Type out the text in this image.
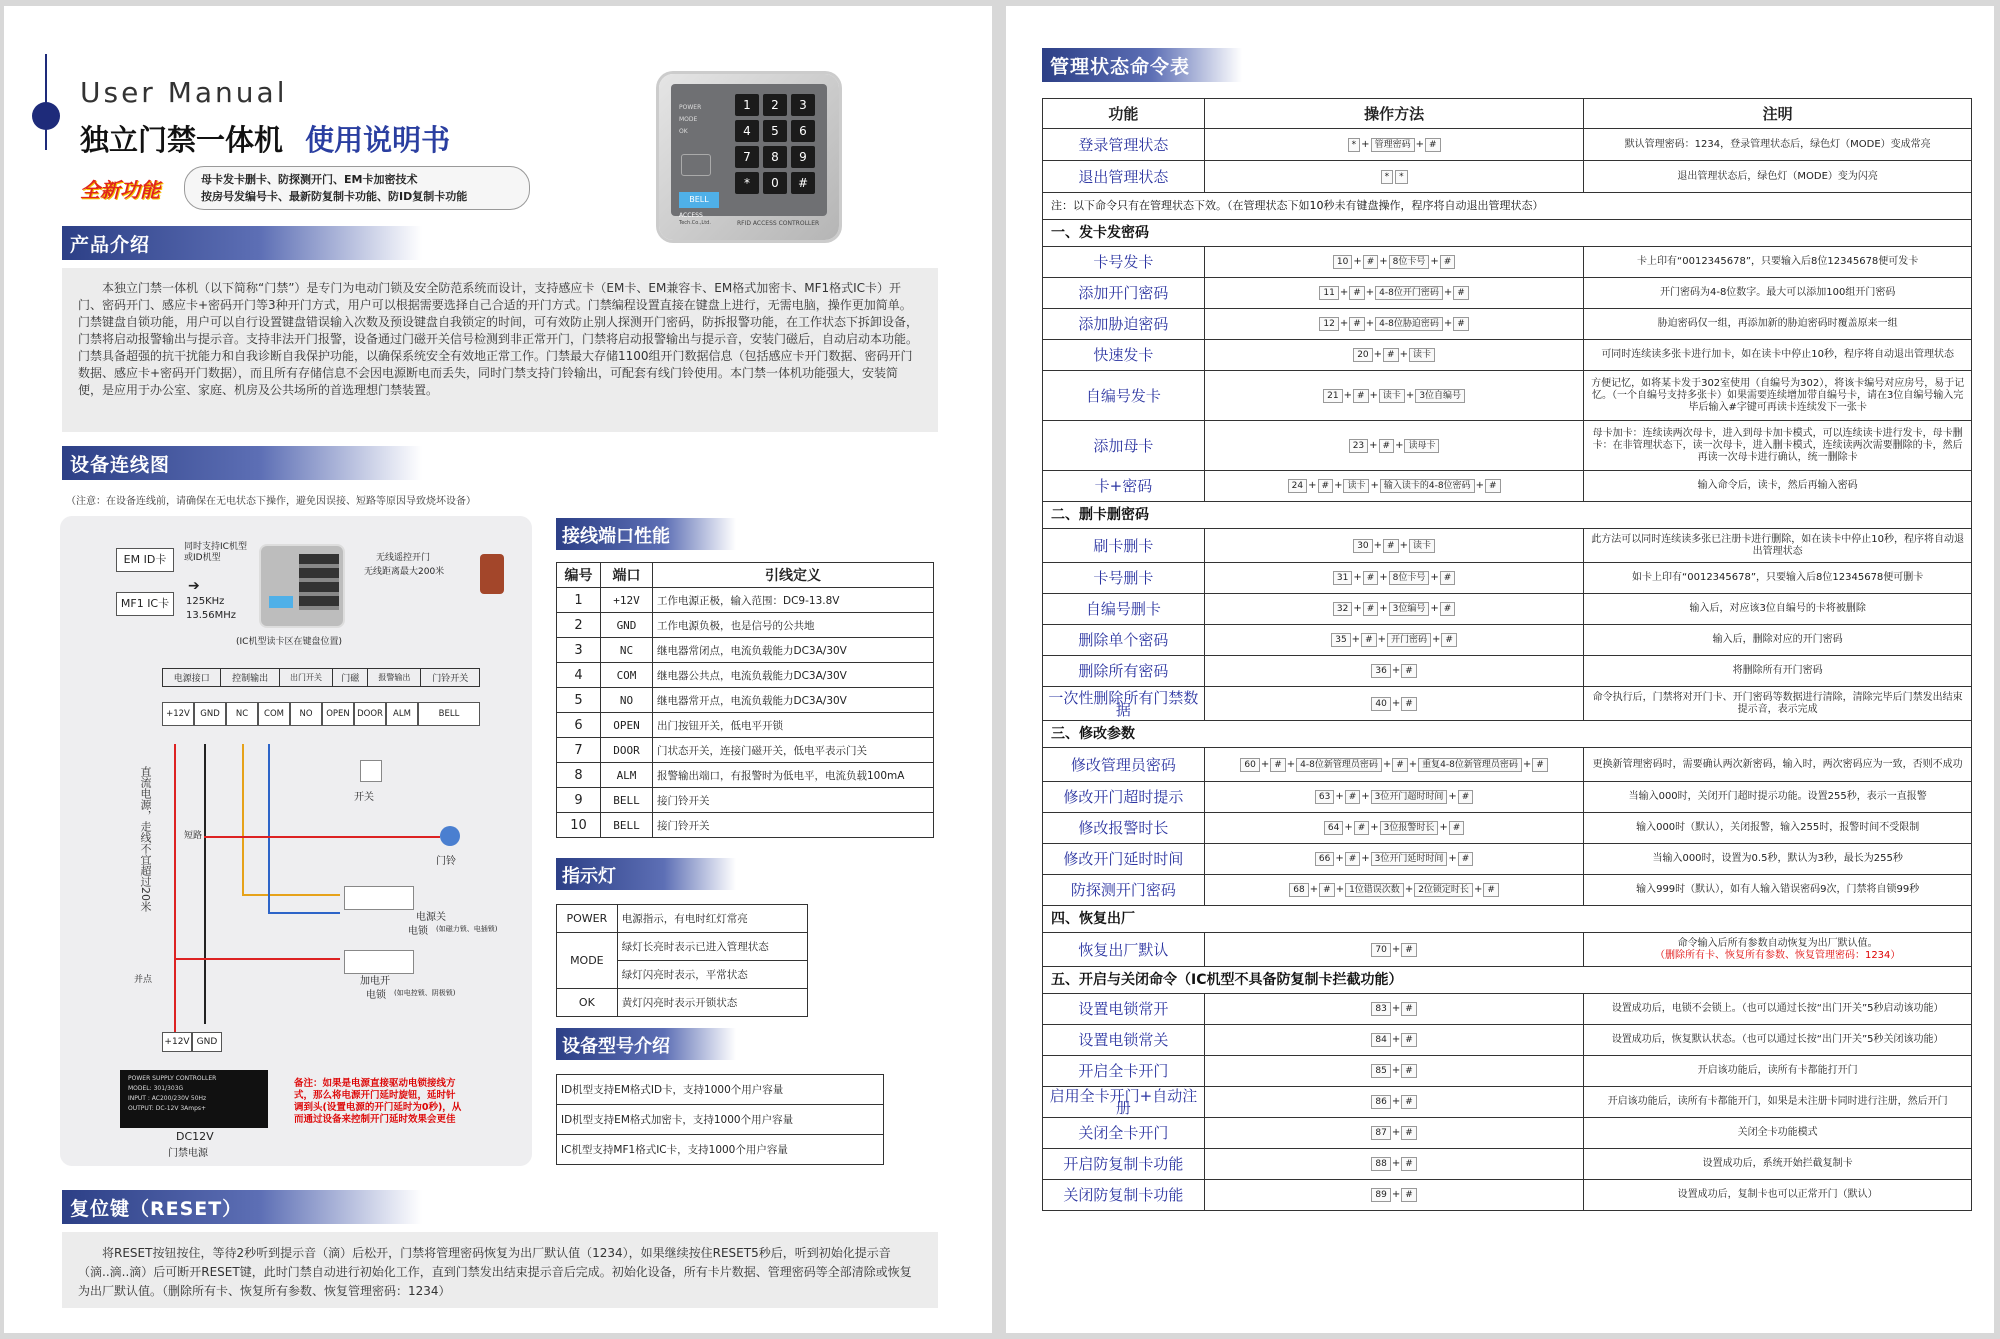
User Manual
独立门禁一体机 使用说明书
全新功能	母卡发卡删卡、防探测开门、EM卡加密技术
按房号发编号卡、最新防复制卡功能、防ID复制卡功能
POWER
MODE
OK
BELL
1	2	3
4	5	6
7	8	9
*	0	#
ACCESS
Tech.Co.,Ltd.	RFID ACCESS CONTROLLER
产品介绍
本独立门禁一体机（以下简称“门禁”）是专门为电动门锁及安全防范系统而设计，支持感应卡（EM卡、EM兼容卡、EM格式加密卡、MF1格式IC卡）开门、密码开门、感应卡+密码开门等3种开门方式，用户可以根据需要选择自己合适的开门方式。门禁编程设置直接在键盘上进行，无需电脑，操作更加简单。门禁键盘自锁功能，用户可以自行设置键盘错误输入次数及预设键盘自我锁定的时间，可有效防止别人探测开门密码，防拆报警功能，在工作状态下拆卸设备，门禁将启动报警输出与提示音。支持非法开门报警，设备通过门磁开关信号检测到非正常开门，门禁将启动报警输出与提示音，安装门磁后，自动启动本功能。门禁具备超强的抗干扰能力和自我诊断自我保护功能，以确保系统安全有效地正常工作。门禁最大存储1100组开门数据信息（包括感应卡开门数据、密码开门数据、感应卡+密码开门数据），而且所有存储信息不会因电源断电而丢失，同时门禁支持门铃输出，可配套有线门铃使用。本门禁一体机功能强大，安装简便，是应用于办公室、家庭、机房及公共场所的首选理想门禁装置。
设备连线图
（注意：在设备连线前，请确保在无电状态下操作，避免因误接、短路等原因导致烧坏设备）
EM ID卡
MF1 IC卡
同时支持IC机型或ID机型
➔
125KHz
13.56MHz
(IC机型读卡区在键盘位置)
无线遥控开门
无线距离最大200米
电源接口	控制输出	出门开关	门磁	报警输出	门铃开关
+12V	GND	NC	COM	NO	OPEN DOOR	ALM	BELL
直流电源，走线不宜超过20米	短路
开关
门铃
电源关
电锁 (如磁力锁、电插锁)
加电开
电锁 (如电控锁、阴极锁)
并点
+12V GND
POWER SUPPLY CONTROLLER
MODEL: 301/303G
INPUT : AC200/230V 50Hz
OUTPUT: DC-12V 3Amps+
DC12V
门禁电源
备注：如果是电源直接驱动电锁接线方式，那么将电源开门延时旋钮，延时针调到头(设置电源的开门延时为0秒)，从而通过设备来控制开门延时效果会更佳
接线端口性能
编号	端口	引线定义
1	+12V	工作电源正极，输入范围：DC9-13.8V
2	GND	工作电源负极，也是信号的公共地
3	NC	继电器常闭点，电流负载能力DC3A/30V
4	COM	继电器公共点，电流负载能力DC3A/30V
5	NO	继电器常开点，电流负载能力DC3A/30V
6	OPEN	出门按钮开关，低电平开锁
7	DOOR	门状态开关，连接门磁开关，低电平表示门关
8	ALM	报警输出端口，有报警时为低电平，电流负载100mA
9	BELL	接门铃开关
10	BELL	接门铃开关
指示灯
POWER	电源指示，有电时红灯常亮
MODE	绿灯长亮时表示已进入管理状态
	绿灯闪亮时表示，平常状态
OK	黄灯闪亮时表示开锁状态
设备型号介绍
ID机型支持EM格式ID卡，支持1000个用户容量
ID机型支持EM格式加密卡，支持1000个用户容量
IC机型支持MF1格式IC卡，支持1000个用户容量
复位键（RESET）
将RESET按钮按住，等待2秒听到提示音（滴）后松开，门禁将管理密码恢复为出厂默认值（1234），如果继续按住RESET5秒后，听到初始化提示音（滴..滴..滴）后可断开RESET键，此时门禁自动进行初始化工作，直到门禁发出结束提示音后完成。初始化设备，所有卡片数据、管理密码等全部清除或恢复为出厂默认值。（删除所有卡、恢复所有参数、恢复管理密码：1234）
管理状态命令表
功能	操作方法	注明
登录管理状态	* + 管理密码 + #	默认管理密码：1234，登录管理状态后，绿色灯（MODE）变成常亮

退出管理状态	* *	退出管理状态后，绿色灯（MODE）变为闪亮

注：以下命令只有在管理状态下效。（在管理状态下如10秒未有键盘操作，程序将自动退出管理状态）		
一、发卡发密码		
卡号发卡	10 + # + 8位卡号 + #	卡上印有“0012345678”，只要输入后8位12345678便可发卡

添加开门密码	11 + # + 4-8位开门密码 + #	开门密码为4-8位数字。最大可以添加100组开门密码

添加胁迫密码	12 + # + 4-8位胁迫密码 + #	胁迫密码仅一组，再添加新的胁迫密码时覆盖原来一组

快速发卡	20 + # + 读卡	可同时连续读多张卡进行加卡，如在读卡中停止10秒，程序将自动退出管理状态

自编号发卡	21 + # + 读卡 + 3位自编号	方便记忆，如将某卡发于302室使用（自编号为302），将该卡编号对应房号，易于记忆。（一个自编号支持多张卡）如果需要连续增加带自编号卡，请在3位自编号输入完毕后输入#字键可再读卡连续发下一张卡

添加母卡	23 + # + 读母卡	母卡加卡：连续读两次母卡，进入到母卡加卡模式，可以连续读卡进行发卡，母卡删卡：在非管理状态下，读一次母卡，进入删卡模式，连续读两次需要删除的卡，然后再读一次母卡进行确认，统一删除卡

卡+密码	24 + # + 读卡 + 输入读卡的4-8位密码 + #	输入命令后，读卡，然后再输入密码

二、删卡删密码		
刷卡删卡	30 + # + 读卡	此方法可以同时连续读多张已注册卡进行删除，如在读卡中停止10秒，程序将自动退出管理状态

卡号删卡	31 + # + 8位卡号 + #	如卡上印有“0012345678”，只要输入后8位12345678便可删卡

自编号删卡	32 + # + 3位编号 + #	输入后，对应该3位自编号的卡将被删除

删除单个密码	35 + # + 开门密码 + #	输入后，删除对应的开门密码

删除所有密码	36 + #	将删除所有开门密码

一次性删除所有门禁数据	40 + #	命令执行后，门禁将对开门卡、开门密码等数据进行清除，清除完毕后门禁发出结束提示音，表示完成

三、修改参数		
修改管理员密码	60 + # + 4-8位新管理员密码 + # + 重复4-8位新管理员密码 + #	更换新管理密码时，需要确认两次新密码，输入时，两次密码应为一致，否则不成功

修改开门超时提示	63 + # + 3位开门超时时间 + #	当输入000时，关闭开门超时提示功能。设置255秒，表示一直报警

修改报警时长	64 + # + 3位报警时长 + #	输入000时（默认），关闭报警，输入255时，报警时间不受限制

修改开门延时时间	66 + # + 3位开门延时时间 + #	当输入000时，设置为0.5秒，默认为3秒，最长为255秒

防探测开门密码	68 + # + 1位错误次数 + 2位锁定时长 + #	输入999时（默认），如有人输入错误密码9次，门禁将自锁99秒

四、恢复出厂		
恢复出厂默认	70 + #	命令输入后所有参数自动恢复为出厂默认值。
（删除所有卡、恢复所有参数、恢复管理密码：1234）

五、开启与关闭命令（IC机型不具备防复制卡拦截功能）		
设置电锁常开	83 + #	设置成功后，电锁不会锁上。（也可以通过长按“出门开关”5秒启动该功能）

设置电锁常关	84 + #	设置成功后，恢复默认状态。（也可以通过长按“出门开关”5秒关闭该功能）

开启全卡开门	85 + #	开启该功能后，读所有卡都能打开门

启用全卡开门+自动注册	86 + #	开启该功能后，读所有卡都能开门，如果是未注册卡同时进行注册，然后开门

关闭全卡开门	87 + #	关闭全卡功能模式

开启防复制卡功能	88 + #	设置成功后，系统开始拦截复制卡

关闭防复制卡功能	89 + #	设置成功后，复制卡也可以正常开门（默认）
